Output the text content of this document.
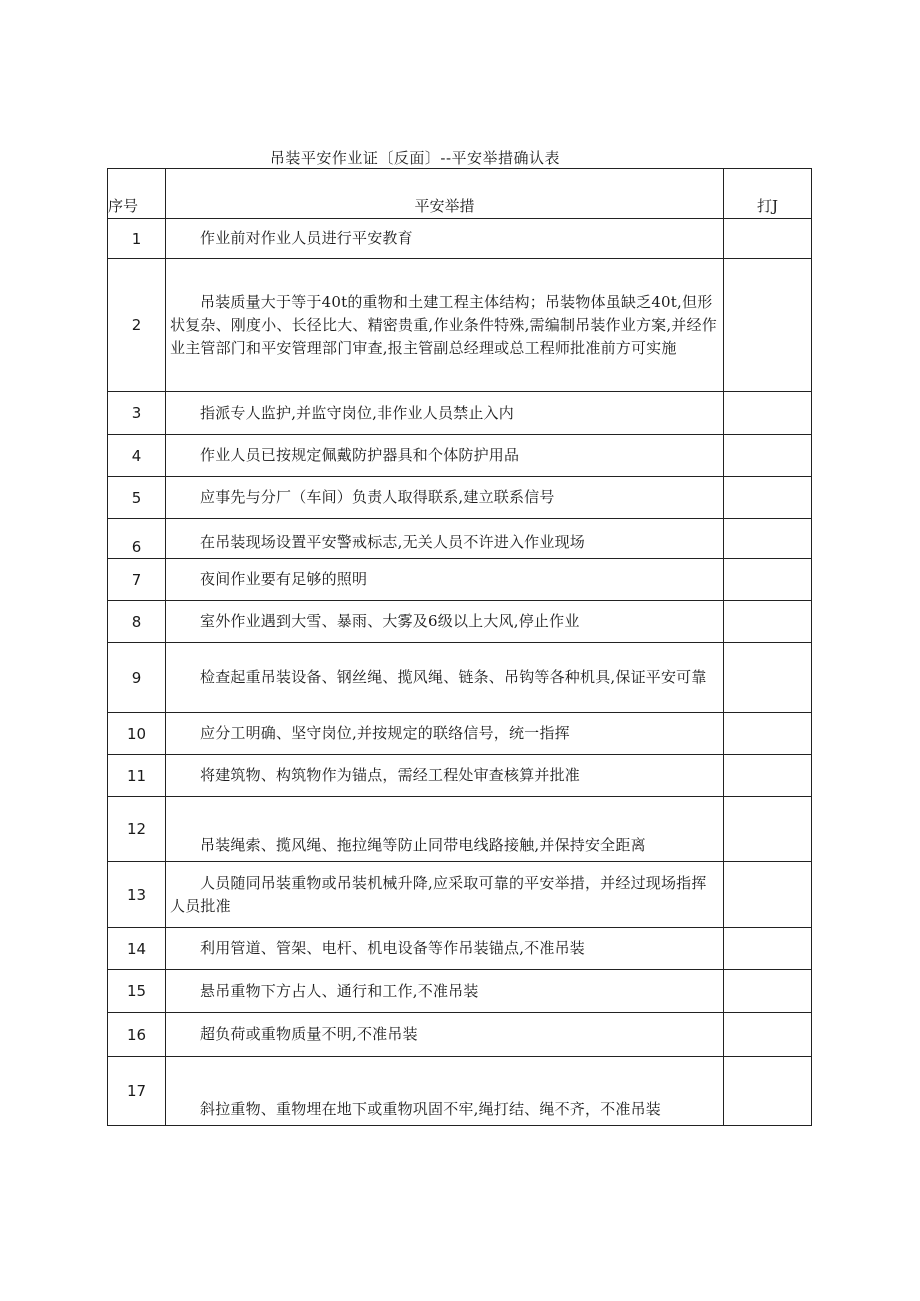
吊装平安作业证〔反面〕--平安举措确认表
序号	平安举措	打J
1	作业前对作业人员进行平安教育	
2	吊装质量大于等于40t的重物和土建工程主体结构；吊装物体虽缺乏40t,但形状复杂、刚度小、长径比大、精密贵重,作业条件特殊,需编制吊装作业方案,并经作业主管部门和平安管理部门审查,报主管副总经理或总工程师批准前方可实施	
3	指派专人监护,并监守岗位,非作业人员禁止入内	
4	作业人员已按规定佩戴防护器具和个体防护用品	
5	应事先与分厂（车间）负责人取得联系,建立联系信号	
6	在吊装现场设置平安警戒标志,无关人员不许进入作业现场	
7	夜间作业要有足够的照明	
8	室外作业遇到大雪、暴雨、大雾及6级以上大风,停止作业	
9	检查起重吊装设备、钢丝绳、揽风绳、链条、吊钩等各种机具,保证平安可靠	
10	应分工明确、坚守岗位,并按规定的联络信号，统一指挥	
11	将建筑物、构筑物作为锚点，需经工程处审查核算并批准	
12	吊装绳索、揽风绳、拖拉绳等防止同带电线路接触,并保持安全距离	
13	人员随同吊装重物或吊装机械升降,应采取可靠的平安举措，并经过现场指挥人员批准	
14	利用管道、管架、电杆、机电设备等作吊装锚点,不准吊装	
15	悬吊重物下方占人、通行和工作,不准吊装	
16	超负荷或重物质量不明,不准吊装	
17	斜拉重物、重物埋在地下或重物巩固不牢,绳打结、绳不齐，不准吊装	
